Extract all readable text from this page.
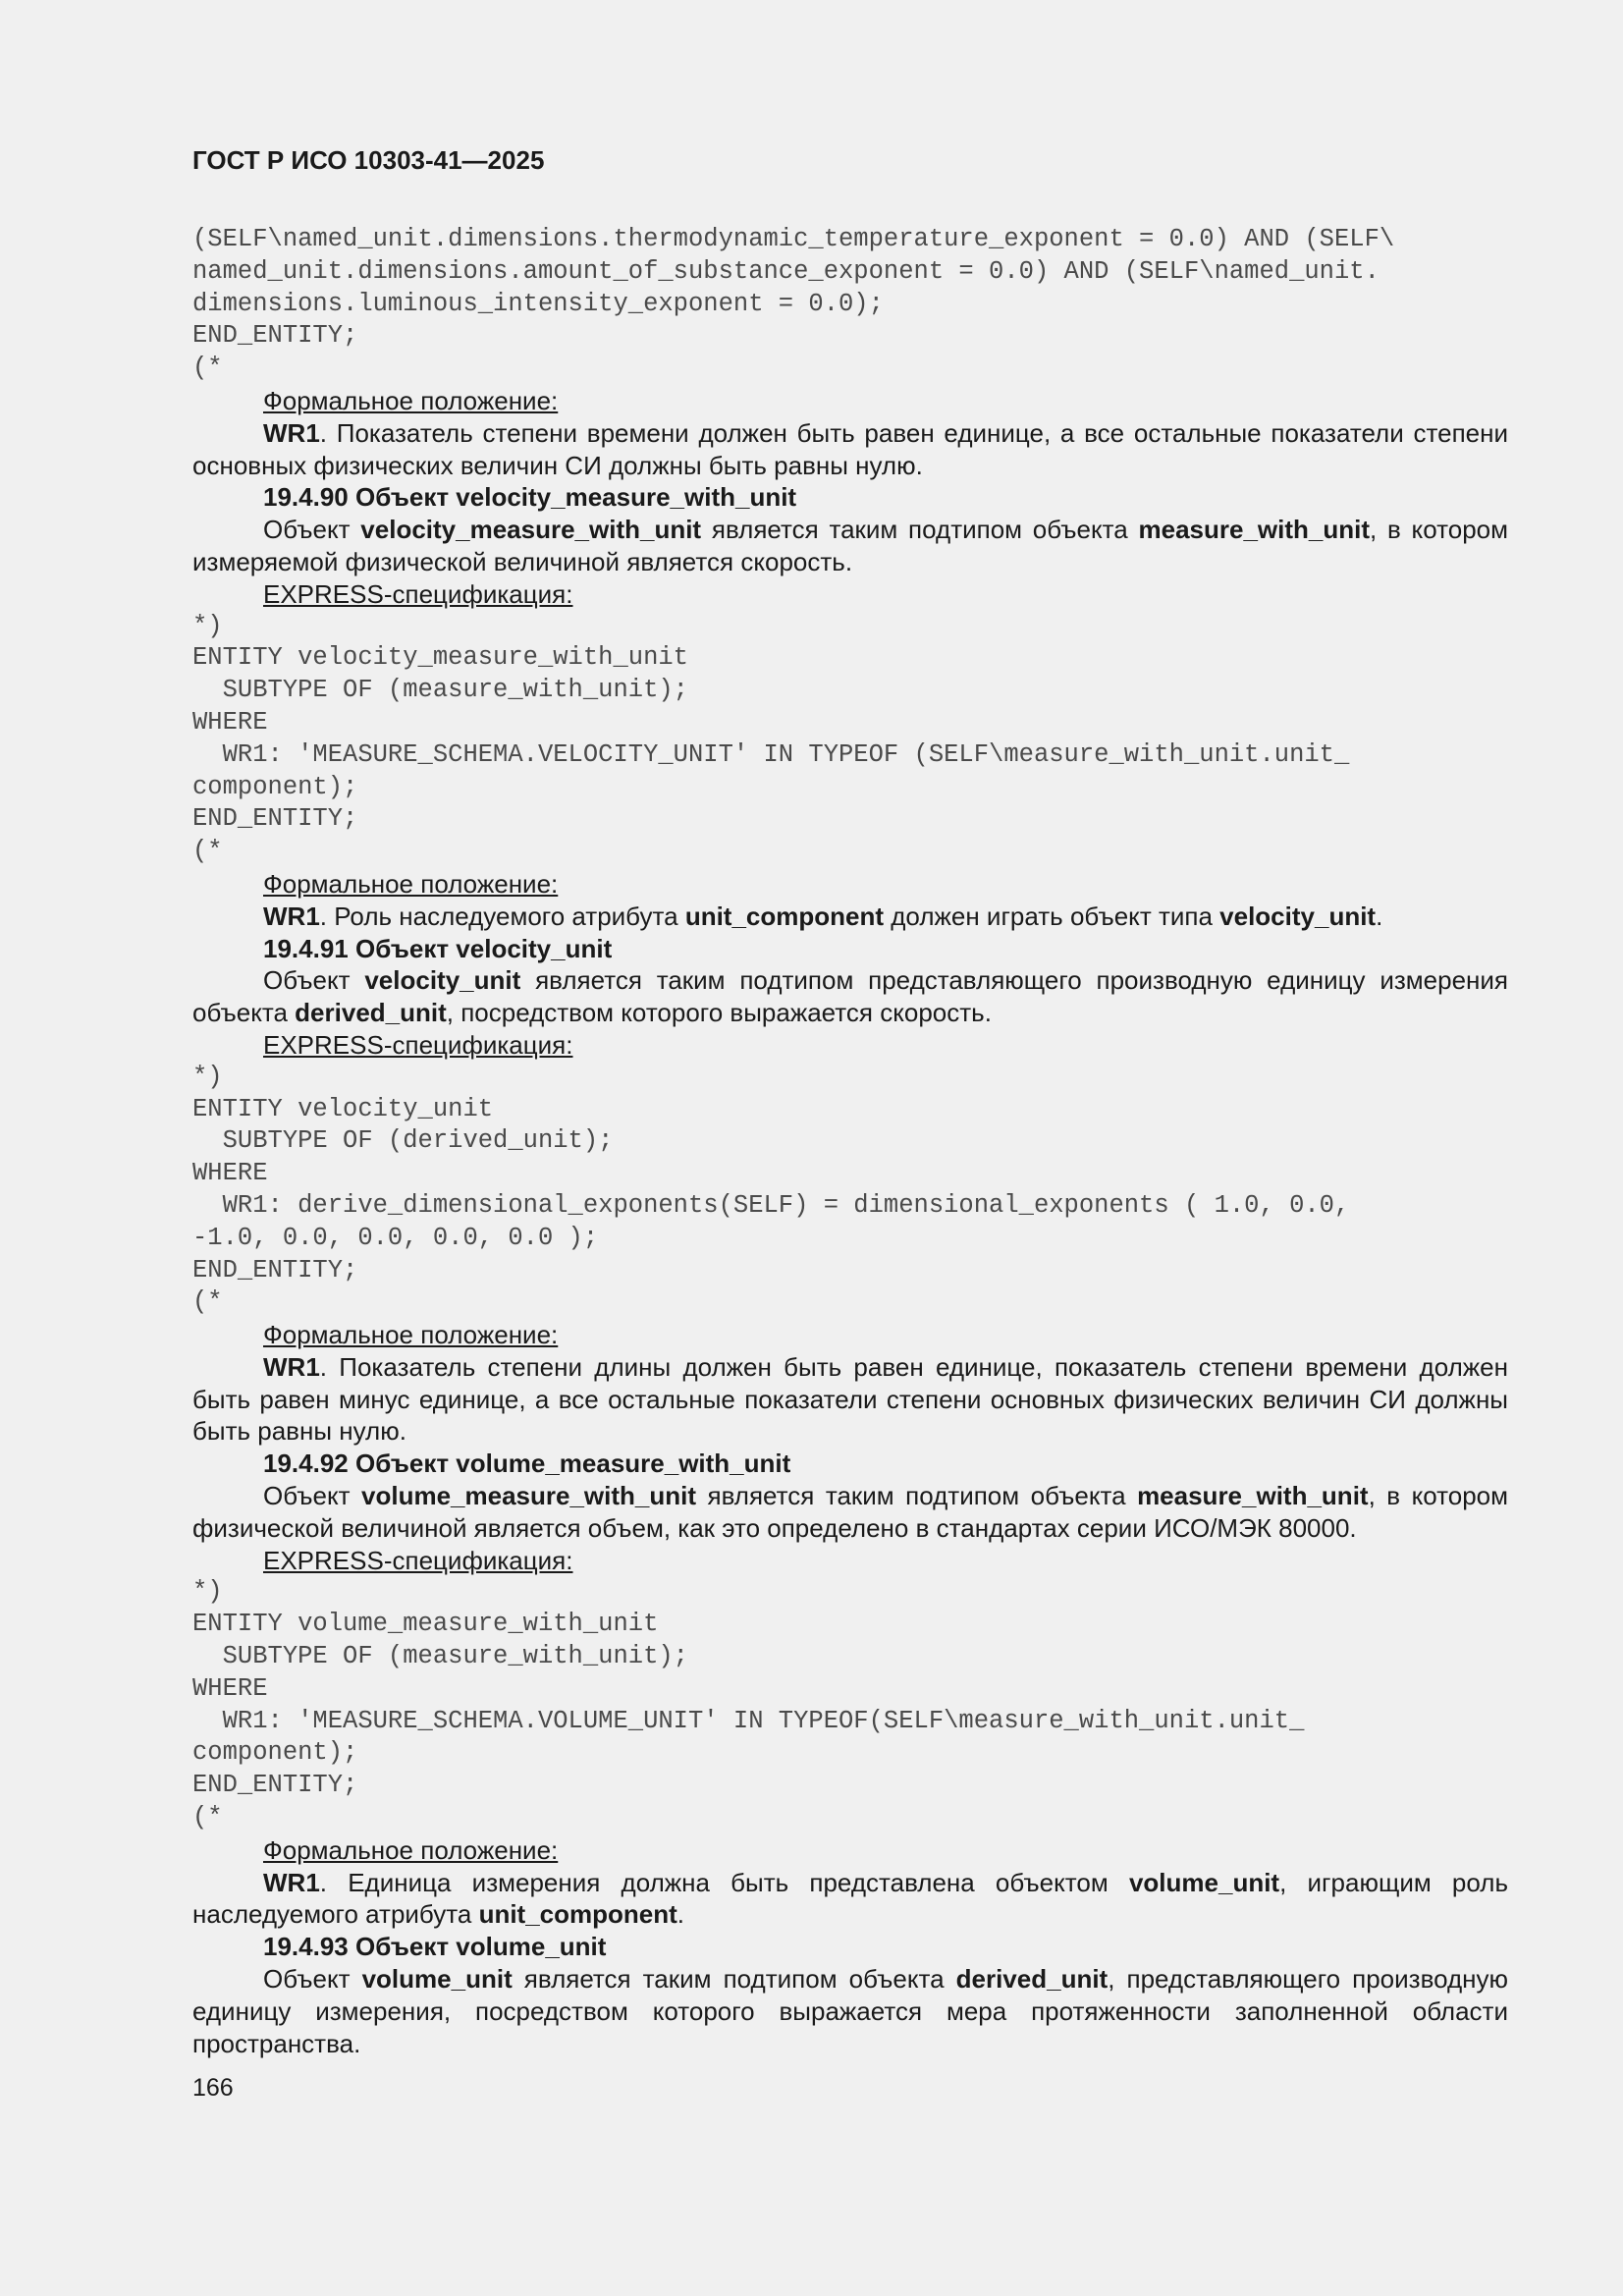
ГОСТ Р ИСО 10303-41—2025
(SELF\named_unit.dimensions.thermodynamic_temperature_exponent = 0.0) AND (SELF\
named_unit.dimensions.amount_of_substance_exponent = 0.0) AND (SELF\named_unit.
dimensions.luminous_intensity_exponent = 0.0);
END_ENTITY;
(*

Формальное положение:

WR1. Показатель степени времени должен быть равен единице, а все остальные показатели степени основных физических величин СИ должны быть равны нулю.

19.4.90 Объект velocity_measure_with_unit

Объект velocity_measure_with_unit является таким подтипом объекта measure_with_unit, в котором измеряемой физической величиной является скорость.

EXPRESS-спецификация:

*)
ENTITY velocity_measure_with_unit
SUBTYPE OF (measure_with_unit);
WHERE
WR1: 'MEASURE_SCHEMA.VELOCITY_UNIT' IN TYPEOF (SELF\measure_with_unit.unit_
component);
END_ENTITY;
(*

Формальное положение:

WR1. Роль наследуемого атрибута unit_component должен играть объект типа velocity_unit.

19.4.91 Объект velocity_unit

Объект velocity_unit является таким подтипом представляющего производную единицу измерения объекта derived_unit, посредством которого выражается скорость.

EXPRESS-спецификация:

*)
ENTITY velocity_unit
SUBTYPE OF (derived_unit);
WHERE
WR1: derive_dimensional_exponents(SELF) = dimensional_exponents ( 1.0, 0.0,
-1.0, 0.0, 0.0, 0.0, 0.0 );
END_ENTITY;
(*

Формальное положение:

WR1. Показатель степени длины должен быть равен единице, показатель степени времени должен быть равен минус единице, а все остальные показатели степени основных физических величин СИ должны быть равны нулю.

19.4.92 Объект volume_measure_with_unit

Объект volume_measure_with_unit является таким подтипом объекта measure_with_unit, в котором физической величиной является объем, как это определено в стандартах серии ИСО/МЭК 80000.

EXPRESS-спецификация:

*)
ENTITY volume_measure_with_unit
SUBTYPE OF (measure_with_unit);
WHERE
WR1: 'MEASURE_SCHEMA.VOLUME_UNIT' IN TYPEOF(SELF\measure_with_unit.unit_
component);
END_ENTITY;
(*

Формальное положение:

WR1. Единица измерения должна быть представлена объектом volume_unit, играющим роль наследуемого атрибута unit_component.

19.4.93 Объект volume_unit

Объект volume_unit является таким подтипом объекта derived_unit, представляющего производную единицу измерения, посредством которого выражается мера протяженности заполненной области пространства.

166
